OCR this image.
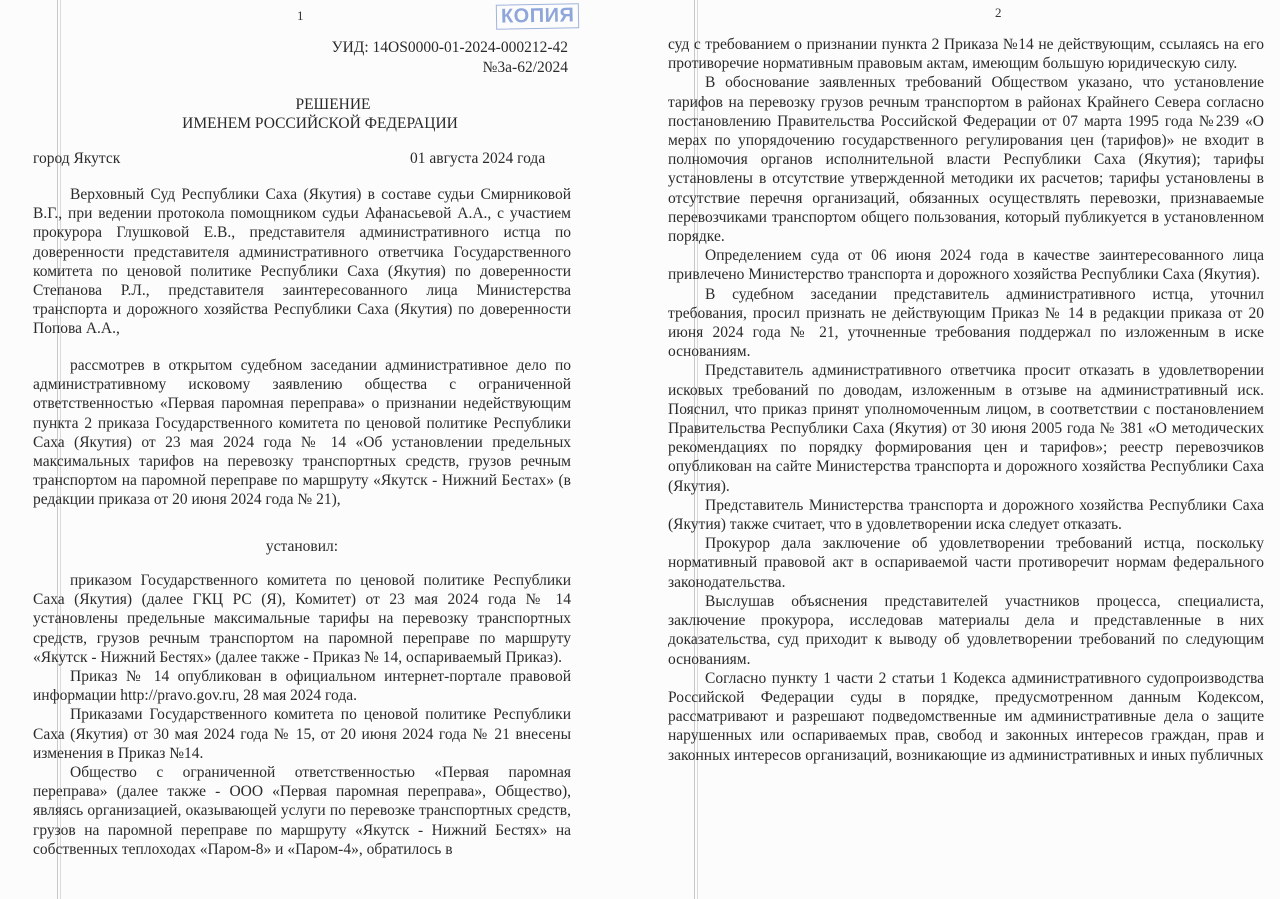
1	КОПИЯ
УИД: 14OS0000-01-2024-000212-42
№3а-62/2024
РЕШЕНИЕ
ИМЕНЕМ РОССИЙСКОЙ ФЕДЕРАЦИИ
город Якутск	01 августа 2024 года

Верховный Суд Республики Саха (Якутия) в составе судьи Смирниковой В.Г., при ведении протокола помощником судьи Афанасьевой А.А., с участием прокурора Глушковой Е.В., представителя административного истца по доверенности представителя административного ответчика Государственного комитета по ценовой политике Республики Саха (Якутия) по доверенности Степанова Р.Л., представителя заинтересованного лица Министерства транспорта и дорожного хозяйства Республики Саха (Якутия) по доверенности Попова А.А.,

рассмотрев в открытом судебном заседании административное дело по административному исковому заявлению общества с ограниченной ответственностью «Первая паромная переправа» о признании недействующим пункта 2 приказа Государственного комитета по ценовой политике Республики Саха (Якутия) от 23 мая 2024 года № 14 «Об установлении предельных максимальных тарифов на перевозку транспортных средств, грузов речным транспортом на паромной переправе по маршруту «Якутск - Нижний Бестах» (в редакции приказа от 20 июня 2024 года № 21),

установил:

приказом Государственного комитета по ценовой политике Республики Саха (Якутия) (далее ГКЦ РС (Я), Комитет) от 23 мая 2024 года № 14 установлены предельные максимальные тарифы на перевозку транспортных средств, грузов речным транспортом на паромной переправе по маршруту «Якутск - Нижний Бестях» (далее также - Приказ № 14, оспариваемый Приказ).

Приказ № 14 опубликован в официальном интернет-портале правовой информации http://pravo.gov.ru, 28 мая 2024 года.

Приказами Государственного комитета по ценовой политике Республики Саха (Якутия) от 30 мая 2024 года № 15, от 20 июня 2024 года № 21 внесены изменения в Приказ №14.

Общество с ограниченной ответственностью «Первая паромная переправа» (далее также - ООО «Первая паромная переправа», Общество), являясь организацией, оказывающей услуги по перевозке транспортных средств, грузов на паромной переправе по маршруту «Якутск - Нижний Бестях» на собственных теплоходах «Паром-8» и «Паром-4», обратилось в

2

суд с требованием о признании пункта 2 Приказа №14 не действующим, ссылаясь на его противоречие нормативным правовым актам, имеющим большую юридическую силу.

В обоснование заявленных требований Обществом указано, что установление тарифов на перевозку грузов речным транспортом в районах Крайнего Севера согласно постановлению Правительства Российской Федерации от 07 марта 1995 года №239 «О мерах по упорядочению государственного регулирования цен (тарифов)» не входит в полномочия органов исполнительной власти Республики Саха (Якутия); тарифы установлены в отсутствие утвержденной методики их расчетов; тарифы установлены в отсутствие перечня организаций, обязанных осуществлять перевозки, признаваемые перевозчиками транспортом общего пользования, который публикуется в установленном порядке.

Определением суда от 06 июня 2024 года в качестве заинтересованного лица привлечено Министерство транспорта и дорожного хозяйства Республики Саха (Якутия).

В судебном заседании представитель административного истца, уточнил требования, просил признать не действующим Приказ № 14 в редакции приказа от 20 июня 2024 года № 21, уточненные требования поддержал по изложенным в иске основаниям.

Представитель административного ответчика просит отказать в удовлетворении исковых требований по доводам, изложенным в отзыве на административный иск. Пояснил, что приказ принят уполномоченным лицом, в соответствии с постановлением Правительства Республики Саха (Якутия) от 30 июня 2005 года № 381 «О методических рекомендациях по порядку формирования цен и тарифов»; реестр перевозчиков опубликован на сайте Министерства транспорта и дорожного хозяйства Республики Саха (Якутия).

Представитель Министерства транспорта и дорожного хозяйства Республики Саха (Якутия) также считает, что в удовлетворении иска следует отказать.

Прокурор дала заключение об удовлетворении требований истца, поскольку нормативный правовой акт в оспариваемой части противоречит нормам федерального законодательства.

Выслушав объяснения представителей участников процесса, специалиста, заключение прокурора, исследовав материалы дела и представленные в них доказательства, суд приходит к выводу об удовлетворении требований по следующим основаниям.

Согласно пункту 1 части 2 статьи 1 Кодекса административного судопроизводства Российской Федерации суды в порядке, предусмотренном данным Кодексом, рассматривают и разрешают подведомственные им административные дела о защите нарушенных или оспариваемых прав, свобод и законных интересов граждан, прав и законных интересов организаций, возникающие из административных и иных публичных
